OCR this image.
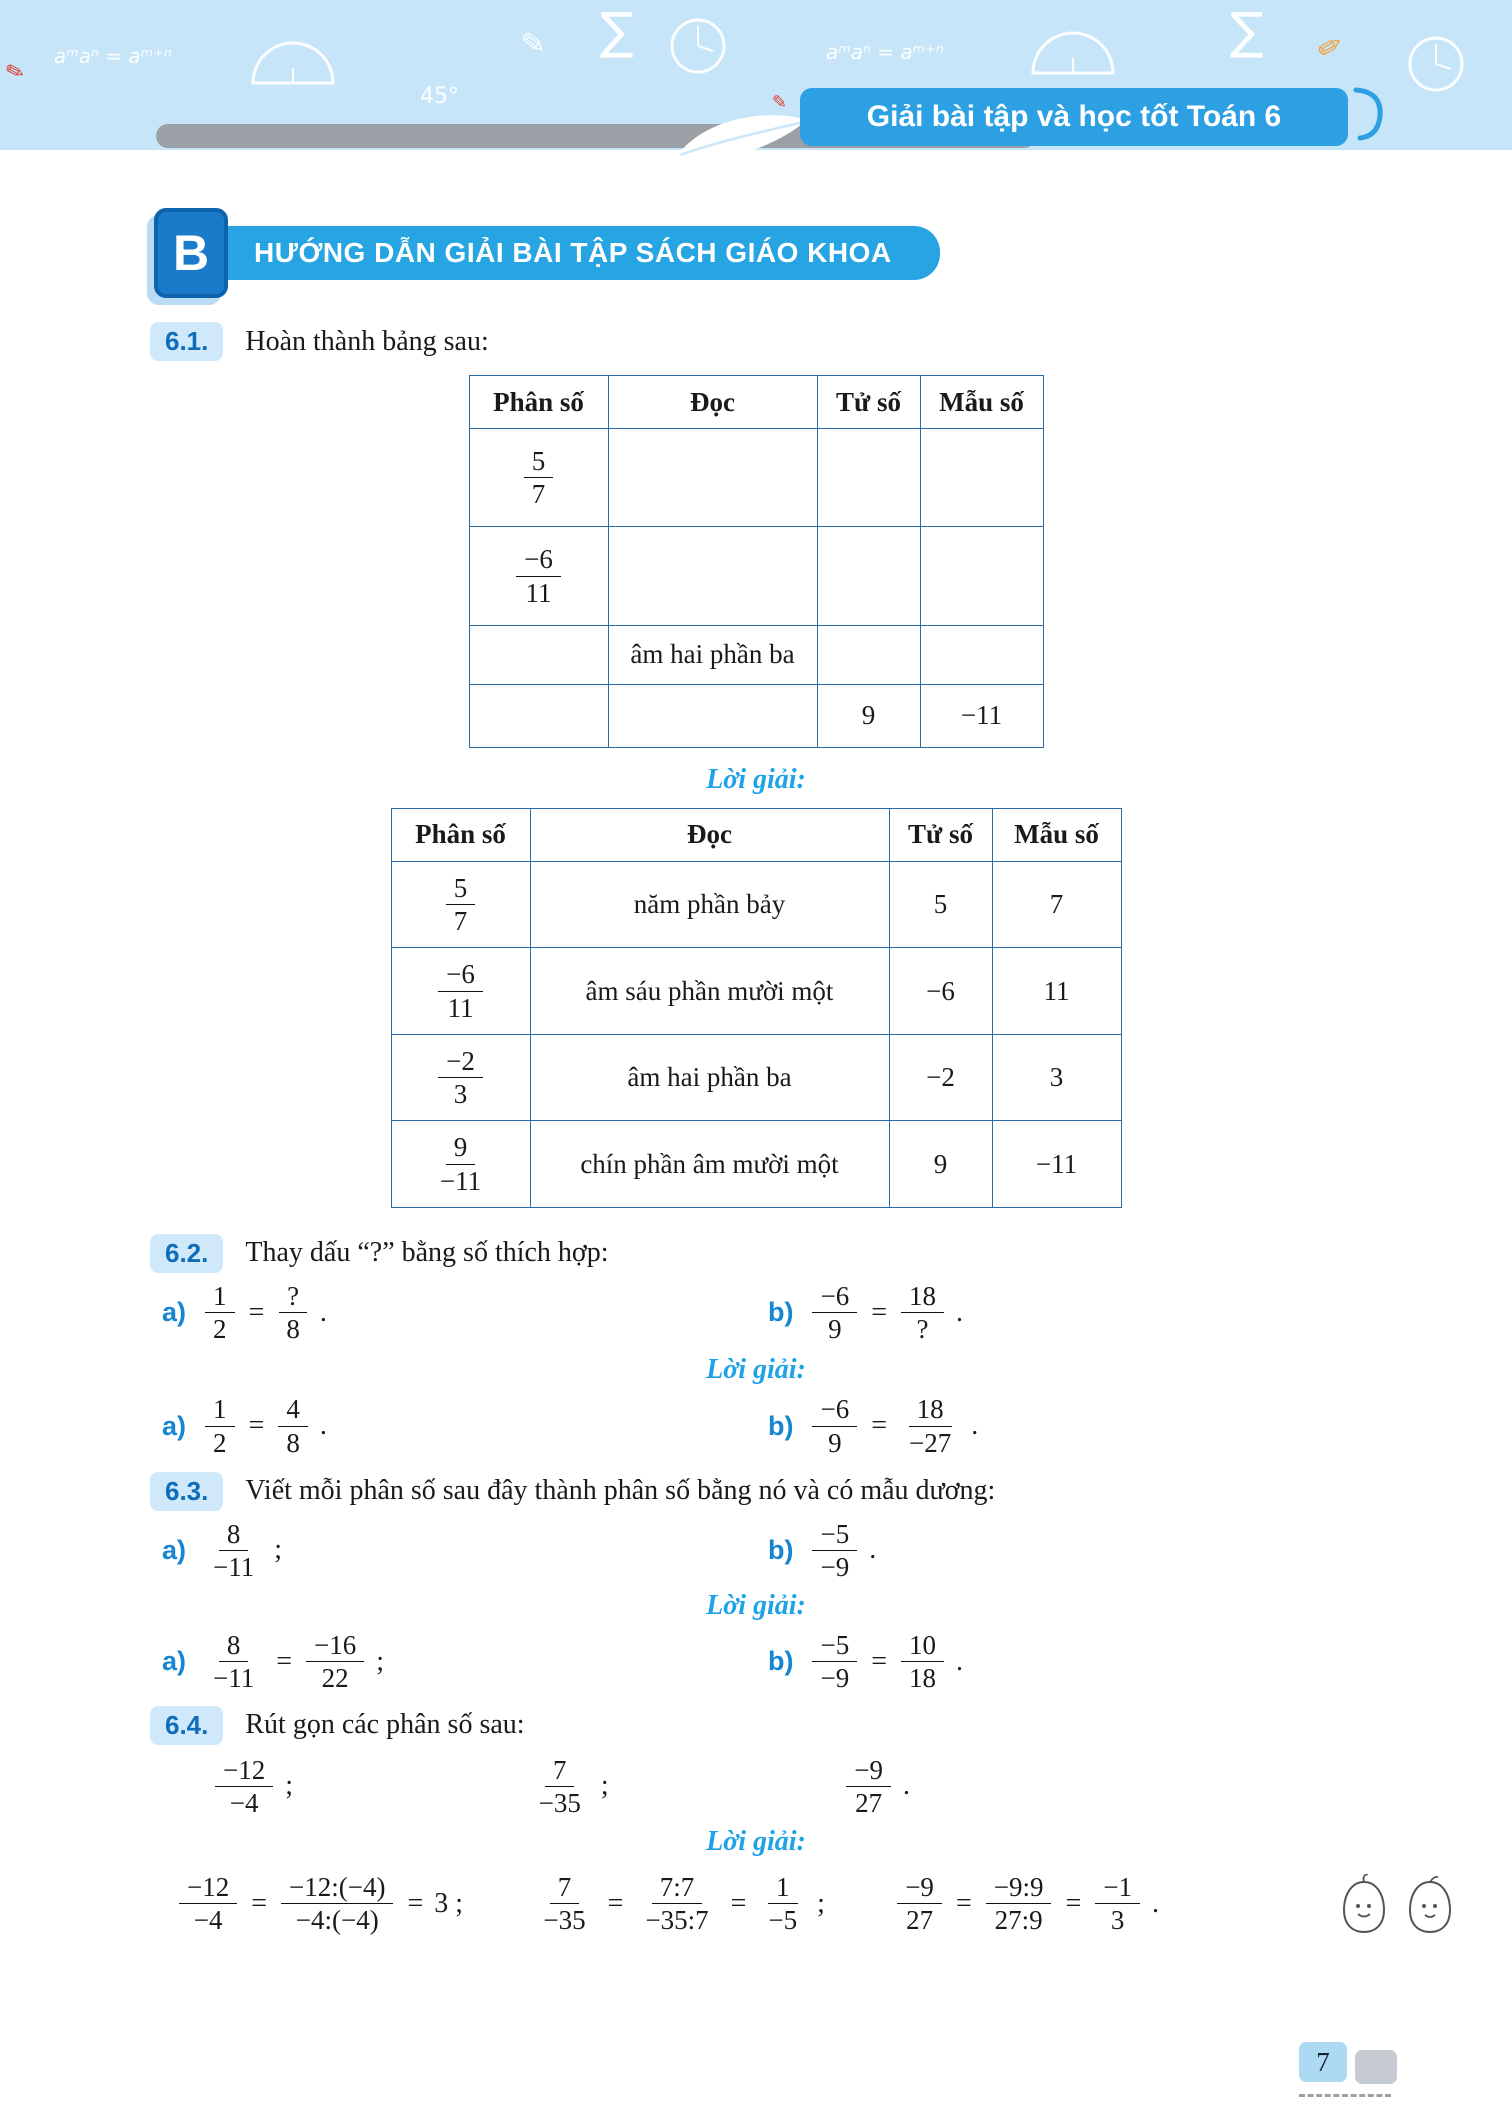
aᵐaⁿ = aᵐ⁺ⁿ	aᵐaⁿ = aᵐ⁺ⁿ
45°
∑	∑
✏	✏
✎
✎	Giải bài tập và học tốt Toán 6
B	HƯỚNG DẪN GIẢI BÀI TẬP SÁCH GIÁO KHOA
6.1.	Hoàn thành bảng sau:
Phân số	Đọc	Tử số	Mẫu số

$\frac{5}{7}$

$\frac{-6}{11}$

	âm hai phần ba		
		9	−11
Lời giải:
Phân số	Đọc	Tử số	Mẫu số

$\frac{5}{7}$	năm phần bảy	5	7

$\frac{-6}{11}$	âm sáu phần mười một	−6	11

$\frac{-2}{3}$	âm hai phần ba	−2	3

$\frac{9}{-11}$	chín phần âm mười một	9	−11
6.2.	Thay dấu “?” bằng số thích hợp:
$a) \frac{1}{2} = \frac{?}{8}$ .	$b) \frac{-6}{9} = \frac{18}{?}$ .
Lời giải:
$a) \frac{1}{2} = \frac{4}{8}$ .	$b) \frac{-6}{9} = \frac{18}{-27}$ .
6.3.	Viết mỗi phân số sau đây thành phân số bằng nó và có mẫu dương:
$a) \frac{8}{-11}$ ;	$b) \frac{-5}{-9}$ .
Lời giải:
$a) \frac{8}{-11} = \frac{-16}{22}$ ;	$b) \frac{-5}{-9} = \frac{10}{18}$ .
6.4.	Rút gọn các phân số sau:
$\frac{-12}{-4}$ ;	$\frac{7}{-35}$ ;	$\frac{-9}{27}$ .
Lời giải:
$\frac{-12}{-4} = \frac{-12:(-4)}{-4:(-4)} = 3$ ;	$\frac{7}{-35} = \frac{7:7}{-35:7} = \frac{1}{-5}$ ;	$\frac{-9}{27} = \frac{-9:9}{27:9} = \frac{-1}{3}$ .
7
